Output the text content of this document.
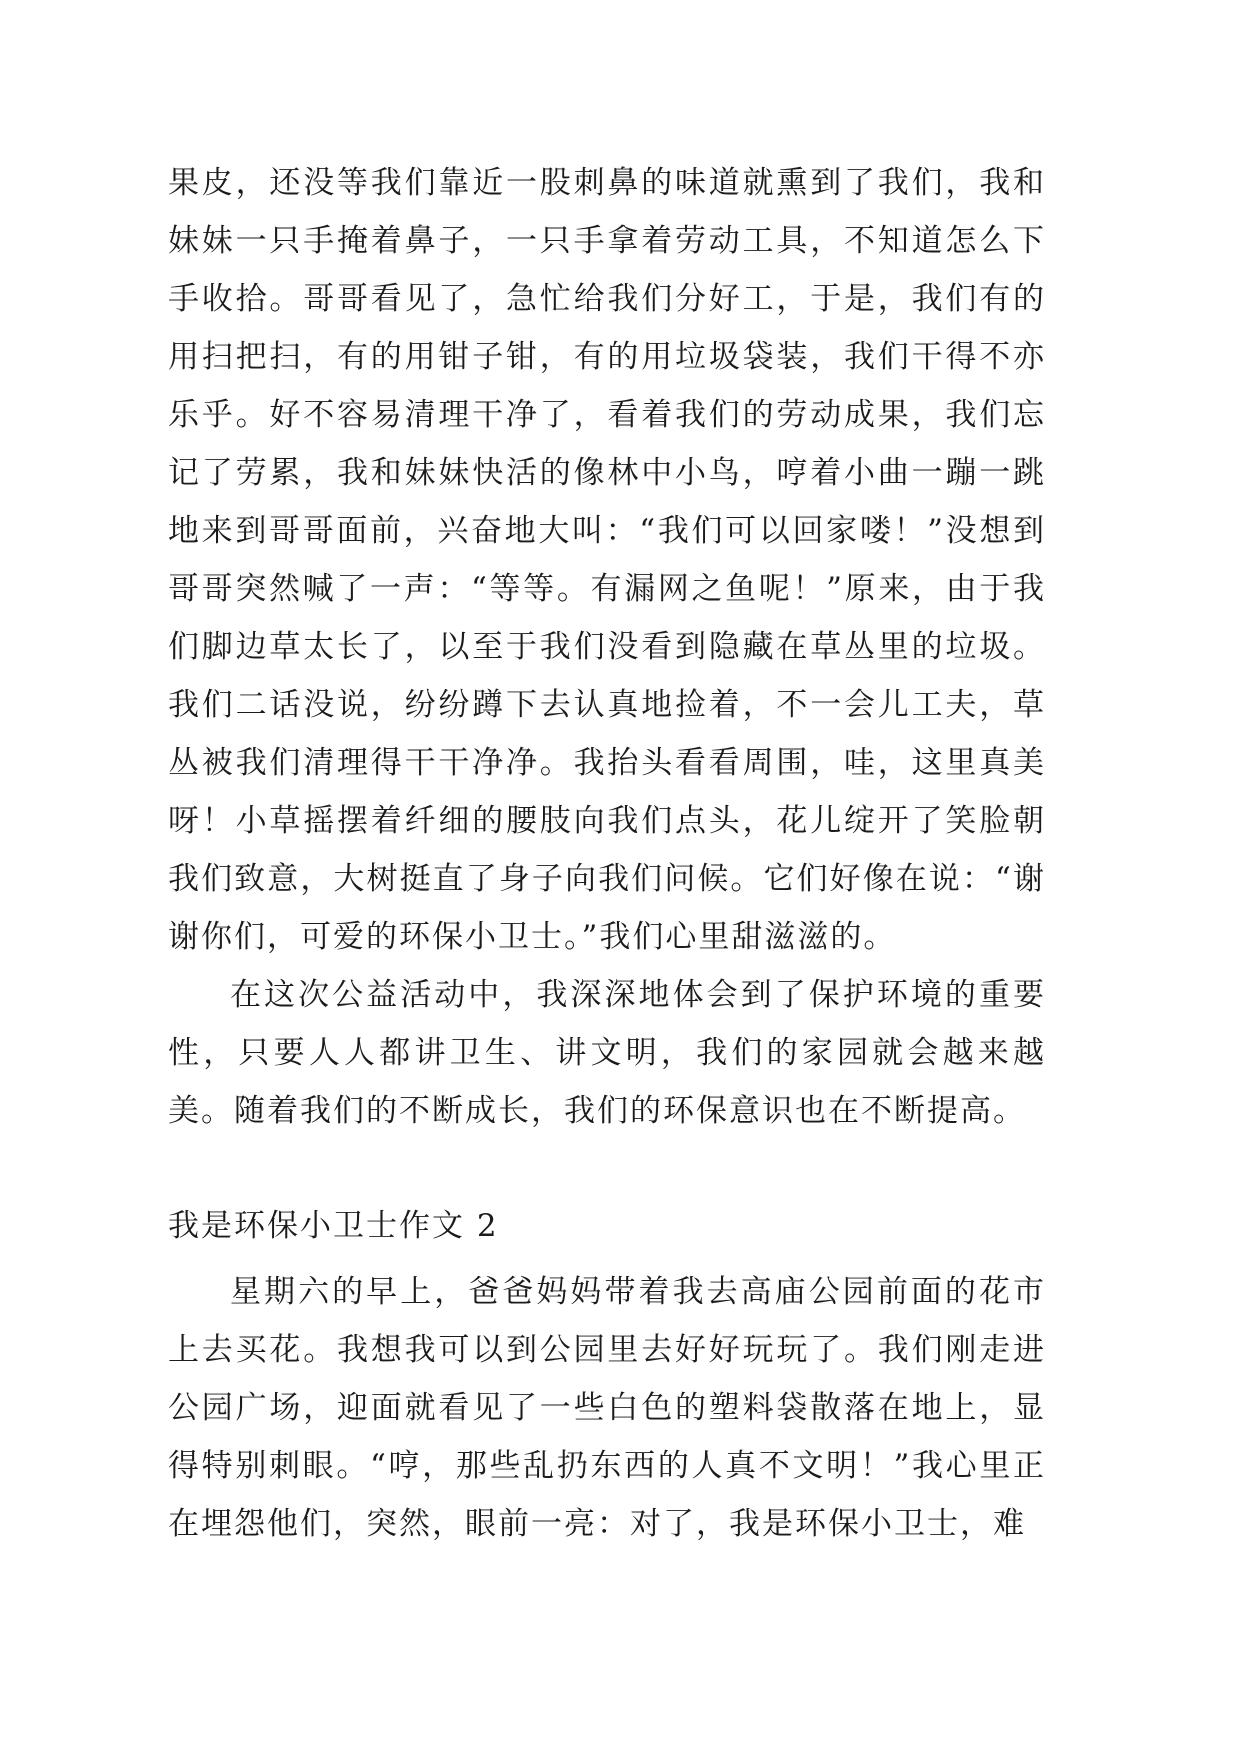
果皮，还没等我们靠近一股刺鼻的味道就熏到了我们，我和妹妹一只手掩着鼻子，一只手拿着劳动工具，不知道怎么下手收拾。哥哥看见了，急忙给我们分好工，于是，我们有的用扫把扫，有的用钳子钳，有的用垃圾袋装，我们干得不亦乐乎。好不容易清理干净了，看着我们的劳动成果，我们忘记了劳累，我和妹妹快活的像林中小鸟，哼着小曲一蹦一跳地来到哥哥面前，兴奋地大叫：“我们可以回家喽！”没想到哥哥突然喊了一声：“等等。有漏网之鱼呢！”原来，由于我们脚边草太长了，以至于我们没看到隐藏在草丛里的垃圾。我们二话没说，纷纷蹲下去认真地捡着，不一会儿工夫，草丛被我们清理得干干净净。我抬头看看周围，哇，这里真美呀！小草摇摆着纤细的腰肢向我们点头，花儿绽开了笑脸朝我们致意，大树挺直了身子向我们问候。它们好像在说：“谢谢你们，可爱的环保小卫士。”我们心里甜滋滋的。

在这次公益活动中，我深深地体会到了保护环境的重要性，只要人人都讲卫生、讲文明，我们的家园就会越来越美。随着我们的不断成长，我们的环保意识也在不断提高。

我是环保小卫士作文 2

星期六的早上，爸爸妈妈带着我去高庙公园前面的花市上去买花。我想我可以到公园里去好好玩玩了。我们刚走进公园广场，迎面就看见了一些白色的塑料袋散落在地上，显得特别刺眼。“哼，那些乱扔东西的人真不文明！”我心里正在埋怨他们，突然，眼前一亮：对了，我是环保小卫士，难
